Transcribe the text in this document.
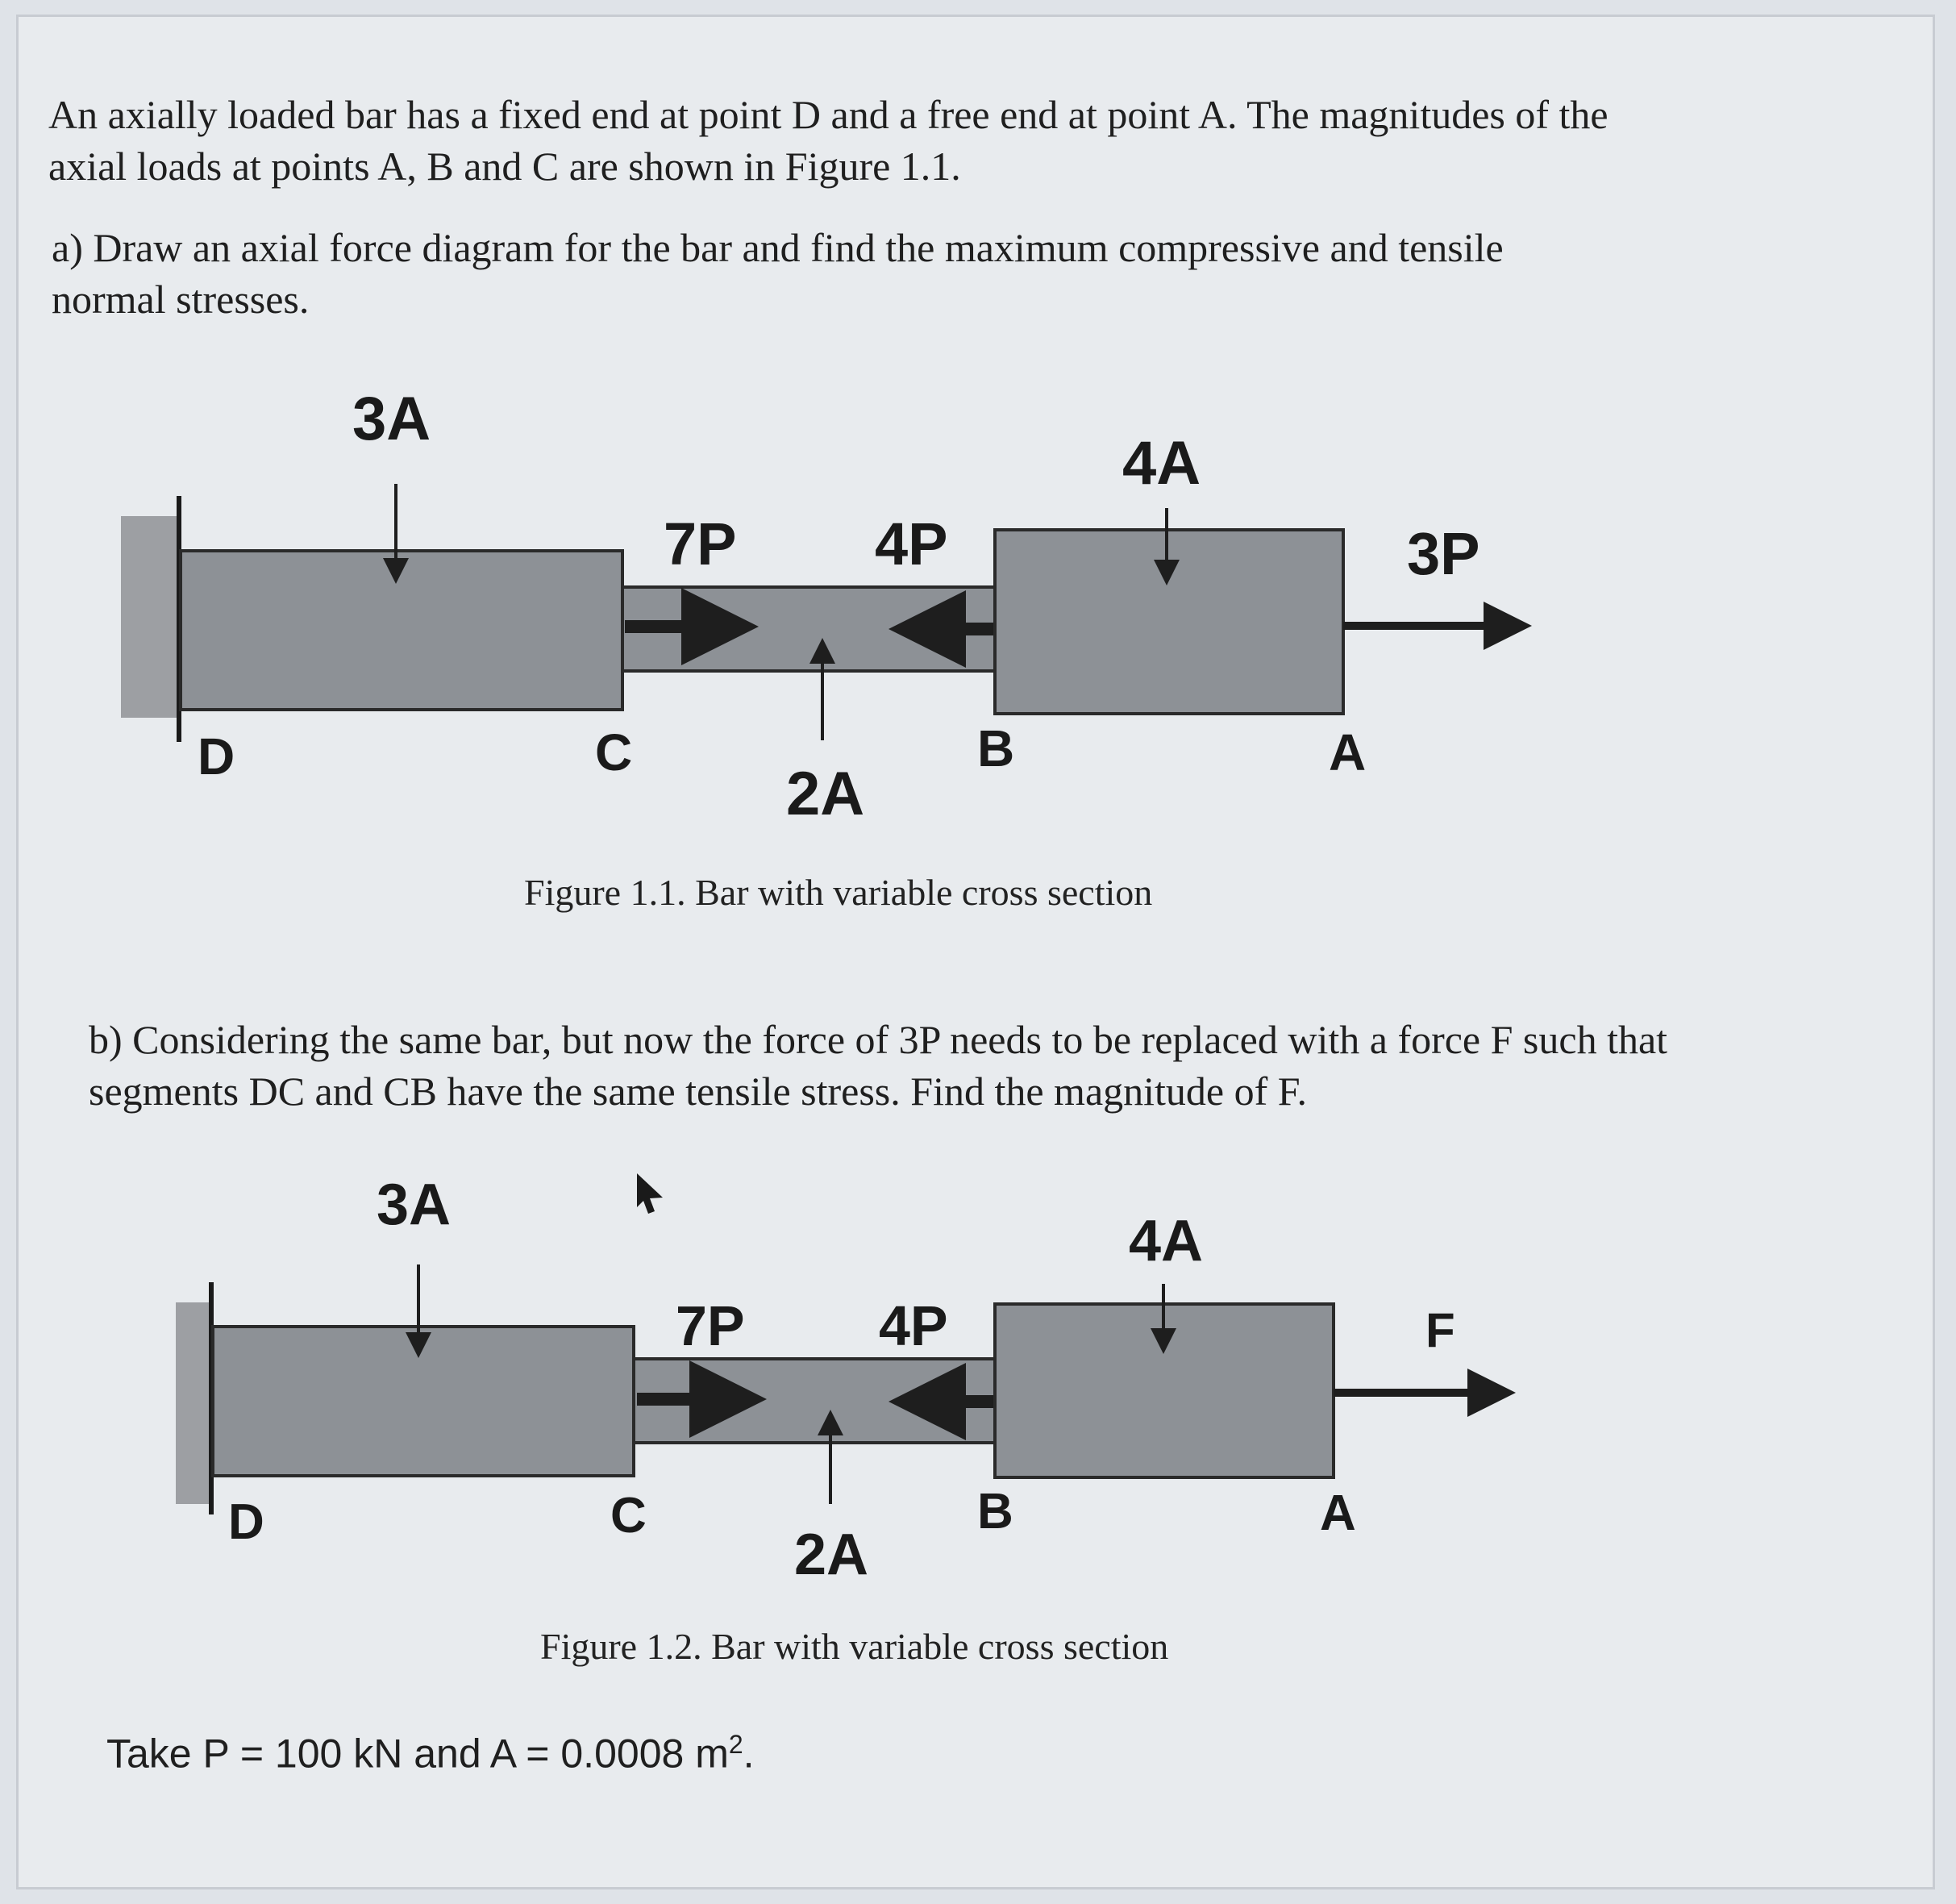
An axially loaded bar has a fixed end at point D and a free end at point A. The magnitudes of the

axial loads at points A, B and C are shown in Figure 1.1.

a) Draw an axial force diagram for the bar and find the maximum compressive and tensile

normal stresses.

3A
4A
7P 4P	3P
D	C	B	A
2A

Figure 1.1. Bar with variable cross section

b) Considering the same bar, but now the force of 3P needs to be replaced with a force F such that

segments DC and CB have the same tensile stress. Find the magnitude of F.

3A
4A
7P 4P	F
D	C	B	A
2A

Figure 1.2. Bar with variable cross section

Take P = 100 kN and A = 0.0008 $m^2$.
